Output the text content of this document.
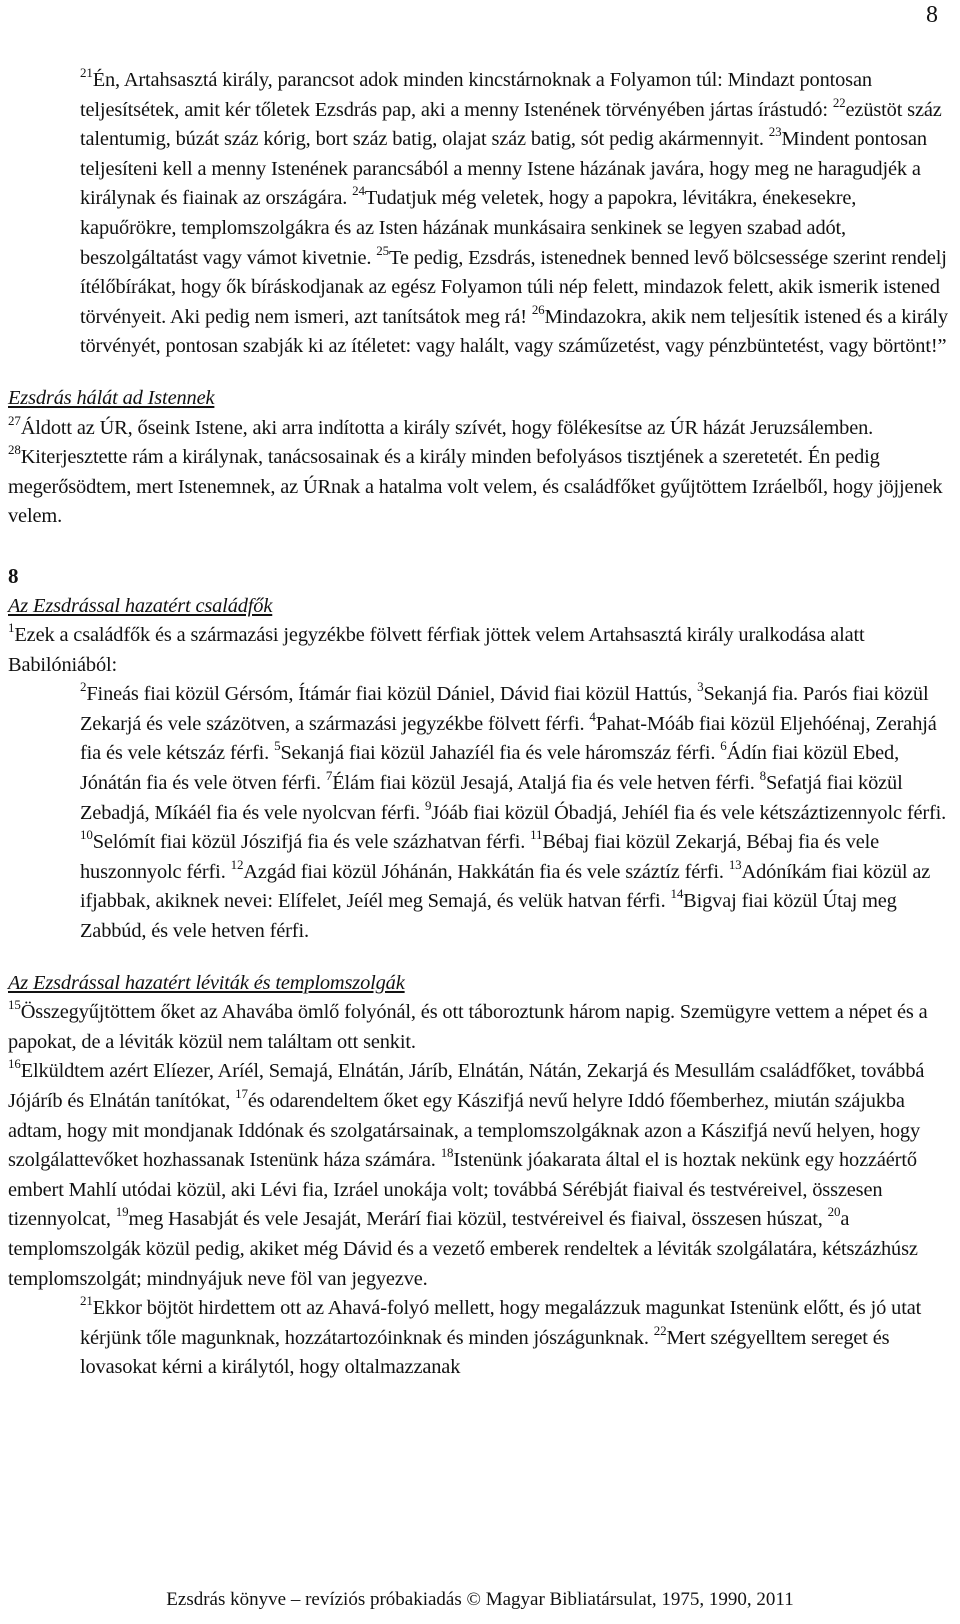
8

$^{21}$Én, Artahsasztá király, parancsot adok minden kincstárnoknak a Folyamon túl: Mindazt pontosan teljesítsétek, amit kér tőletek Ezsdrás pap, aki a menny Istenének törvényében jártas írástudó: $^{22}$ezüstöt száz talentumig, búzát száz kórig, bort száz batig, olajat száz batig, sót pedig akármennyit. $^{23}$Mindent pontosan teljesíteni kell a menny Istenének parancsából a menny Istene házának javára, hogy meg ne haragudjék a királynak és fiainak az országára. $^{24}$Tudatjuk még veletek, hogy a papokra, lévitákra, énekesekre, kapuőrökre, templomszolgákra és az Isten házának munkásaira senkinek se legyen szabad adót, beszolgáltatást vagy vámot kivetnie. $^{25}$Te pedig, Ezsdrás, istenednek benned levő bölcsessége szerint rendelj ítélőbírákat, hogy ők bíráskodjanak az egész Folyamon túli nép felett, mindazok felett, akik ismerik istened törvényeit. Aki pedig nem ismeri, azt tanítsátok meg rá! $^{26}$Mindazokra, akik nem teljesítik istened és a király törvényét, pontosan szabják ki az ítéletet: vagy halált, vagy száműzetést, vagy pénzbüntetést, vagy börtönt!”

Ezsdrás hálát ad Istennek

$^{27}$Áldott az ÚR, őseink Istene, aki arra indította a király szívét, hogy fölékesítse az ÚR házát Jeruzsálemben. $^{28}$Kiterjesztette rám a királynak, tanácsosainak és a király minden befolyásos tisztjének a szeretetét. Én pedig megerősödtem, mert Istenemnek, az ÚRnak a hatalma volt velem, és családfőket gyűjtöttem Izráelből, hogy jöjjenek velem.

8

Az Ezsdrással hazatért családfők

$^1$Ezek a családfők és a származási jegyzékbe fölvett férfiak jöttek velem Artahsasztá király uralkodása alatt Babilóniából:

$^2$Fineás fiai közül Gérsóm, Ítámár fiai közül Dániel, Dávid fiai közül Hattús, $^3$Sekanjá fia. Parós fiai közül Zekarjá és vele százötven, a származási jegyzékbe fölvett férfi. $^4$Pahat-Móáb fiai közül Eljehóénaj, Zerahjá fia és vele kétszáz férfi. $^5$Sekanjá fiai közül Jahazíél fia és vele háromszáz férfi. $^6$Ádín fiai közül Ebed, Jónátán fia és vele ötven férfi. $^7$Élám fiai közül Jesajá, Ataljá fia és vele hetven férfi. $^8$Sefatjá fiai közül Zebadjá, Míkáél fia és vele nyolcvan férfi. $^9$Jóáb fiai közül Óbadjá, Jehíél fia és vele kétszáztizennyolc férfi. $^{10}$Selómít fiai közül Jószifjá fia és vele százhatvan férfi. $^{11}$Bébaj fiai közül Zekarjá, Bébaj fia és vele huszonnyolc férfi. $^{12}$Azgád fiai közül Jóhánán, Hakkátán fia és vele száztíz férfi. $^{13}$Adóníkám fiai közül az ifjabbak, akiknek nevei: Elífelet, Jeíél meg Semajá, és velük hatvan férfi. $^{14}$Bigvaj fiai közül Útaj meg Zabbúd, és vele hetven férfi.

Az Ezsdrással hazatért léviták és templomszolgák

$^{15}$Összegyűjtöttem őket az Ahavába ömlő folyónál, és ott táboroztunk három napig. Szemügyre vettem a népet és a papokat, de a léviták közül nem találtam ott senkit.

$^{16}$Elküldtem azért Elíezer, Aríél, Semajá, Elnátán, Járíb, Elnátán, Nátán, Zekarjá és Mesullám családfőket, továbbá Jójáríb és Elnátán tanítókat, $^{17}$és odarendeltem őket egy Kászifjá nevű helyre Iddó főemberhez, miután szájukba adtam, hogy mit mondjanak Iddónak és szolgatársainak, a templomszolgáknak azon a Kászifjá nevű helyen, hogy szolgálattevőket hozhassanak Istenünk háza számára. $^{18}$Istenünk jóakarata által el is hoztak nekünk egy hozzáértő embert Mahlí utódai közül, aki Lévi fia, Izráel unokája volt; továbbá Sérébját fiaival és testvéreivel, összesen tizennyolcat, $^{19}$meg Hasabját és vele Jesaját, Merárí fiai közül, testvéreivel és fiaival, összesen húszat, $^{20}$a templomszolgák közül pedig, akiket még Dávid és a vezető emberek rendeltek a léviták szolgálatára, kétszázhúsz templomszolgát; mindnyájuk neve föl van jegyezve.

$^{21}$Ekkor böjtöt hirdettem ott az Ahavá-folyó mellett, hogy megalázzuk magunkat Istenünk előtt, és jó utat kérjünk tőle magunknak, hozzátartozóinknak és minden jószágunknak. $^{22}$Mert szégyelltem sereget és lovasokat kérni a királytól, hogy oltalmazzanak

Ezsdrás könyve – revíziós próbakiadás © Magyar Bibliatársulat, 1975, 1990, 2011
